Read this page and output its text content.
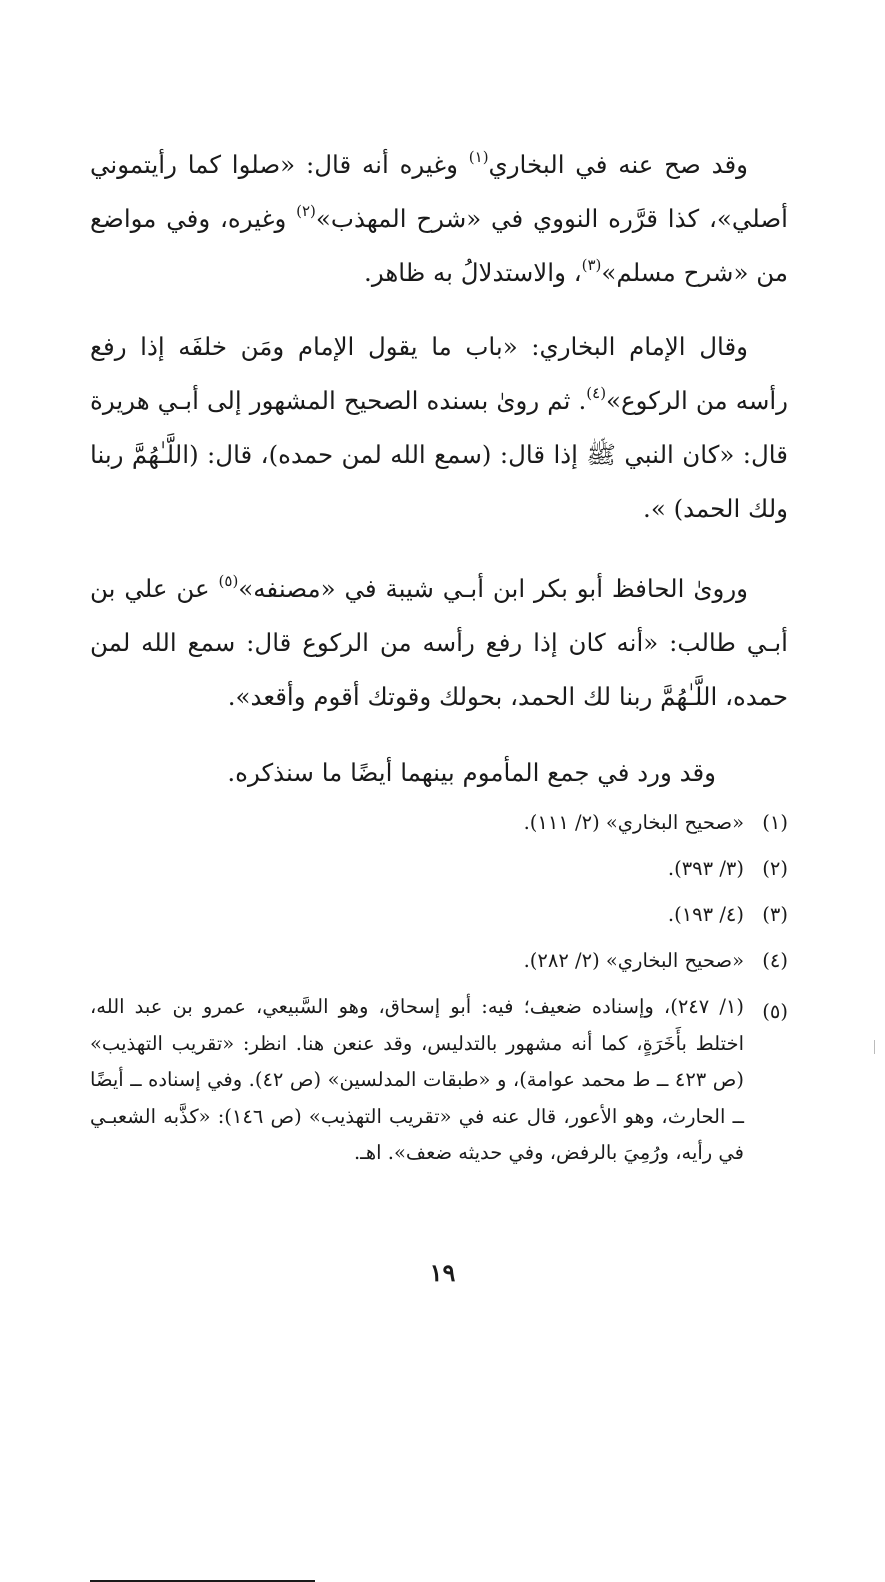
وقد صح عنه في البخاري$^{(١)}$ وغيره أنه قال: «صلوا كما رأيتموني أصلي»، كذا قرَّره النووي في «شرح المهذب»$^{(٢)}$ وغيره، وفي مواضع من «شرح مسلم»$^{(٣)}$، والاستدلالُ به ظاهر.

وقال الإمام البخاري: «باب ما يقول الإمام ومَن خلفَه إذا رفع رأسه من الركوع»$^{(٤)}$. ثم روىٰ بسنده الصحيح المشهور إلى أبـي هريرة قال: «كان النبي ﷺ إذا قال: (سمع الله لمن حمده)، قال: (اللَّـٰهُمَّ ربنا ولك الحمد) ».

وروىٰ الحافظ أبو بكر ابن أبـي شيبة في «مصنفه»$^{(٥)}$ عن علي بن أبـي طالب: «أنه كان إذا رفع رأسه من الركوع قال: سمع الله لمن حمده، اللَّـٰهُمَّ ربنا لك الحمد، بحولك وقوتك أقوم وأقعد».

وقد ورد في جمع المأموم بينهما أيضًا ما سنذكره.

(١)
«صحيح البخاري» (٢/ ١١١).
(٢)
(٣/ ٣٩٣).
(٣)
(٤/ ١٩٣).
(٤)
«صحيح البخاري» (٢/ ٢٨٢).
(٥)
(١/ ٢٤٧)، وإسناده ضعيف؛ فيه: أبو إسحاق، وهو السَّبيعي، عمرو بن عبد الله، اختلط بأَخَرَةٍ، كما أنه مشهور بالتدليس، وقد عنعن هنا. انظر: «تقريب التهذيب» (ص ٤٢٣ ــ ط محمد عوامة)، و «طبقات المدلسين» (ص ٤٢). وفي إسناده ــ أيضًا ــ الحارث، وهو الأعور، قال عنه في «تقريب التهذيب» (ص ١٤٦): «كذَّبه الشعبـي في رأيه، ورُمِيَ بالرفض، وفي حديثه ضعف». اهـ.
١٩
